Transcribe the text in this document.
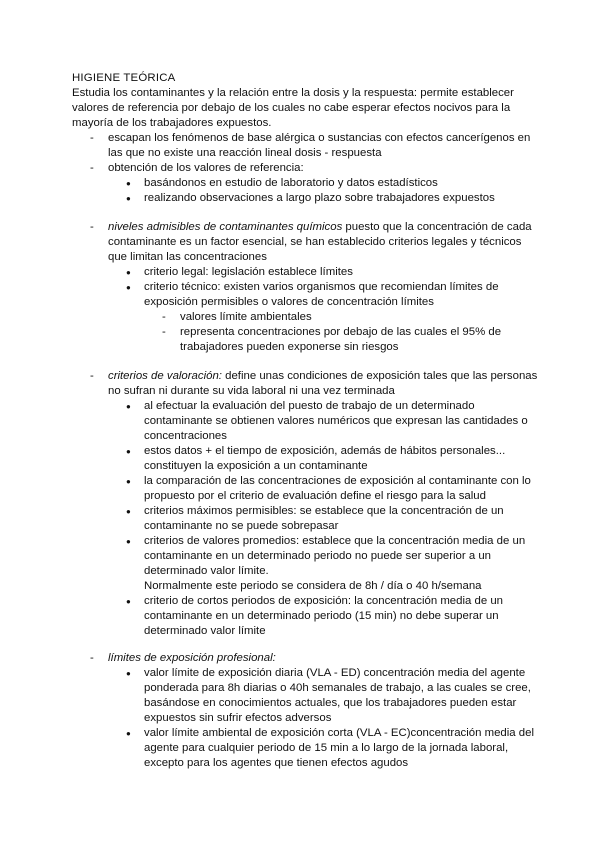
HIGIENE TEÓRICA
Estudia los contaminantes y la relación entre la dosis y la respuesta: permite establecer
valores de referencia por debajo de los cuales no cabe esperar efectos nocivos para la
mayoría de los trabajadores expuestos.
- escapan los fenómenos de base alérgica o sustancias con efectos cancerígenos en
las que no existe una reacción lineal dosis - respuesta
- obtención de los valores de referencia:
● basándonos en estudio de laboratorio y datos estadísticos
● realizando observaciones a largo plazo sobre trabajadores expuestos
- niveles admisibles de contaminantes químicos puesto que la concentración de cada
contaminante es un factor esencial, se han establecido criterios legales y técnicos
que limitan las concentraciones
● criterio legal: legislación establece límites
● criterio técnico: existen varios organismos que recomiendan límites de
exposición permisibles o valores de concentración límites
- valores límite ambientales
- representa concentraciones por debajo de las cuales el 95% de
trabajadores pueden exponerse sin riesgos
- criterios de valoración: define unas condiciones de exposición tales que las personas
no sufran ni durante su vida laboral ni una vez terminada
● al efectuar la evaluación del puesto de trabajo de un determinado
contaminante se obtienen valores numéricos que expresan las cantidades o
concentraciones
● estos datos + el tiempo de exposición, además de hábitos personales...
constituyen la exposición a un contaminante
● la comparación de las concentraciones de exposición al contaminante con lo
propuesto por el criterio de evaluación define el riesgo para la salud
● criterios máximos permisibles: se establece que la concentración de un
contaminante no se puede sobrepasar
● criterios de valores promedios: establece que la concentración media de un
contaminante en un determinado periodo no puede ser superior a un
determinado valor límite.
Normalmente este periodo se considera de 8h / día o 40 h/semana
● criterio de cortos periodos de exposición: la concentración media de un
contaminante en un determinado periodo (15 min) no debe superar un
determinado valor límite
- límites de exposición profesional:
● valor límite de exposición diaria (VLA - ED) concentración media del agente
ponderada para 8h diarias o 40h semanales de trabajo, a las cuales se cree,
basándose en conocimientos actuales, que los trabajadores pueden estar
expuestos sin sufrir efectos adversos
● valor límite ambiental de exposición corta (VLA - EC)concentración media del
agente para cualquier periodo de 15 min a lo largo de la jornada laboral,
excepto para los agentes que tienen efectos agudos
